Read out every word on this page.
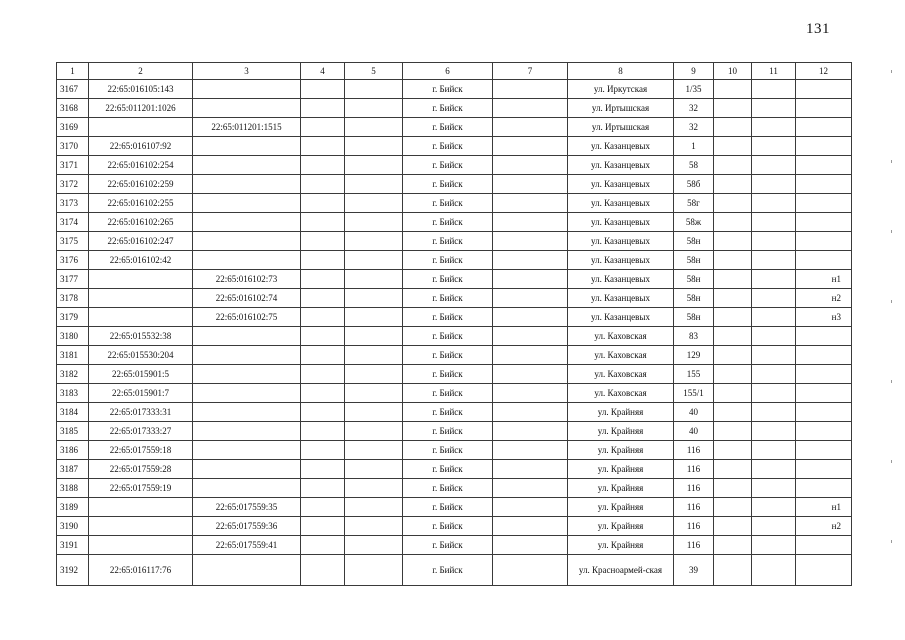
131
1	2	3	4	5	6	7	8	9	10	11	12
3167	22:65:016105:143				г. Бийск		ул. Иркутская	1/35			
3168	22:65:011201:1026				г. Бийск		ул. Иртышская	32			
3169		22:65:011201:1515			г. Бийск		ул. Иртышская	32			
3170	22:65:016107:92				г. Бийск		ул. Казанцевых	1			
3171	22:65:016102:254				г. Бийск		ул. Казанцевых	58			
3172	22:65:016102:259				г. Бийск		ул. Казанцевых	58б			
3173	22:65:016102:255				г. Бийск		ул. Казанцевых	58г			
3174	22:65:016102:265				г. Бийск		ул. Казанцевых	58ж			
3175	22:65:016102:247				г. Бийск		ул. Казанцевых	58н			
3176	22:65:016102:42				г. Бийск		ул. Казанцевых	58н			
3177		22:65:016102:73			г. Бийск		ул. Казанцевых	58н			н1
3178		22:65:016102:74			г. Бийск		ул. Казанцевых	58н			н2
3179		22:65:016102:75			г. Бийск		ул. Казанцевых	58н			н3
3180	22:65:015532:38				г. Бийск		ул. Каховская	83			
3181	22:65:015530:204				г. Бийск		ул. Каховская	129			
3182	22:65:015901:5				г. Бийск		ул. Каховская	155			
3183	22:65:015901:7				г. Бийск		ул. Каховская	155/1			
3184	22:65:017333:31				г. Бийск		ул. Крайняя	40			
3185	22:65:017333:27				г. Бийск		ул. Крайняя	40			
3186	22:65:017559:18				г. Бийск		ул. Крайняя	116			
3187	22:65:017559:28				г. Бийск		ул. Крайняя	116			
3188	22:65:017559:19				г. Бийск		ул. Крайняя	116			
3189		22:65:017559:35			г. Бийск		ул. Крайняя	116			н1
3190		22:65:017559:36			г. Бийск		ул. Крайняя	116			н2
3191		22:65:017559:41			г. Бийск		ул. Крайняя	116			
3192	22:65:016117:76				г. Бийск		ул. Красноармей-ская	39			
